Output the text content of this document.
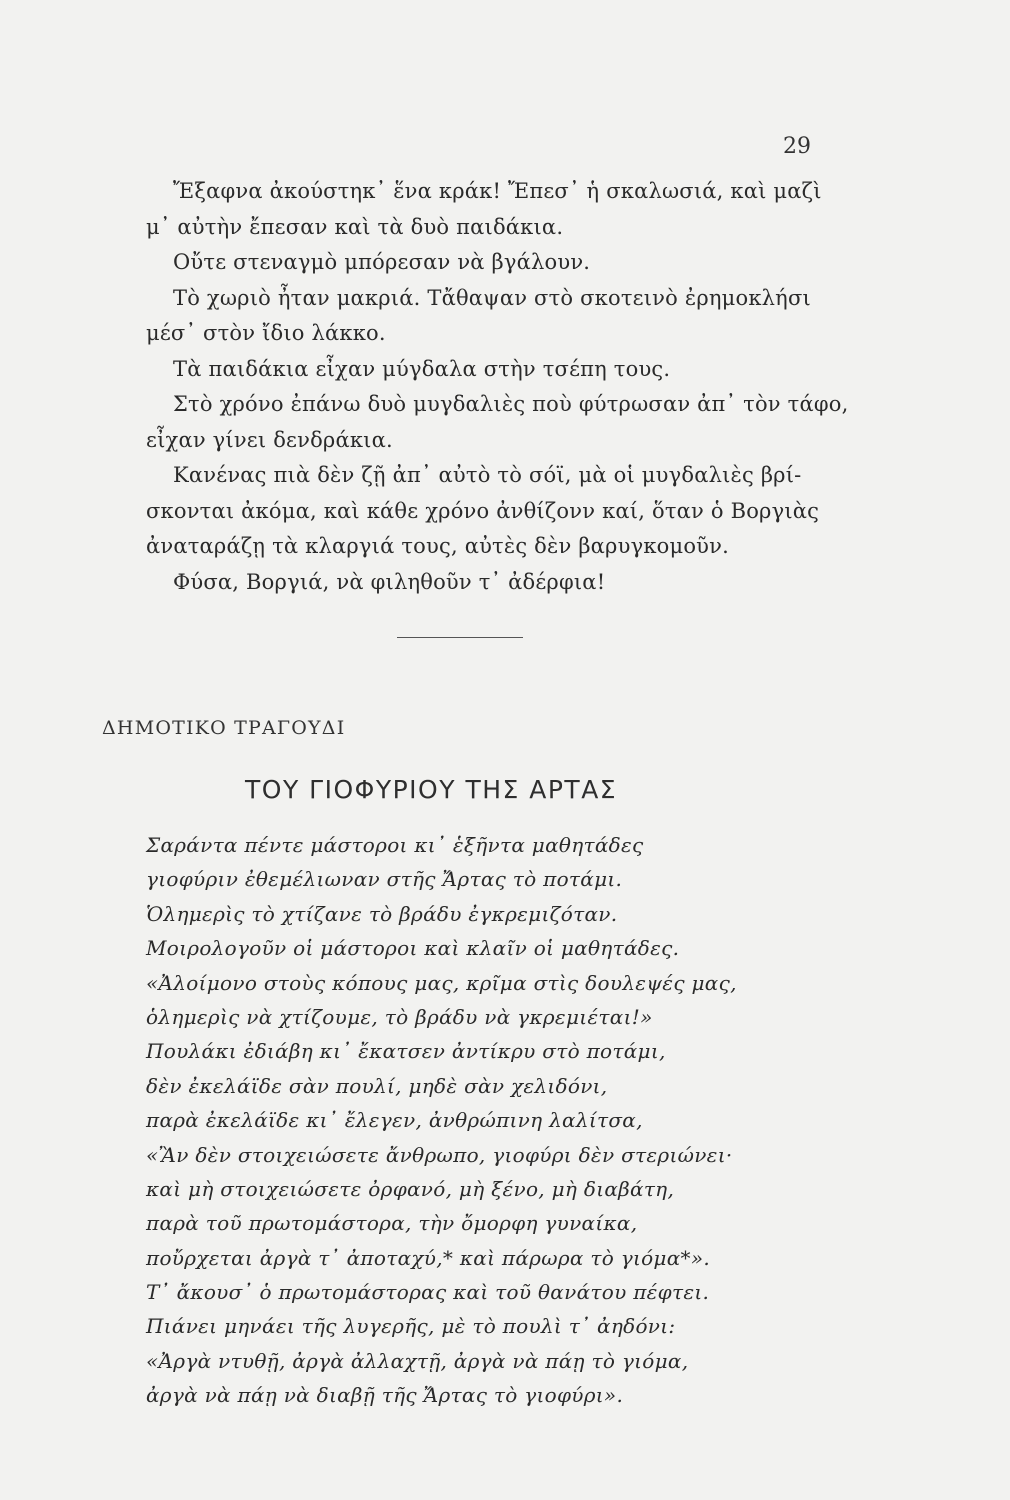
29
Ἔξαφνα ἀκούστηκ᾽ ἕνα κράκ! Ἔπεσ᾽ ἡ σκαλωσιά, καὶ μαζὶ
μ᾽ αὐτὴν ἔπεσαν καὶ τὰ δυὸ παιδάκια.
Οὔτε στεναγμὸ μπόρεσαν νὰ βγάλουν.
Τὸ χωριὸ ἦταν μακριά. Τἄθαψαν στὸ σκοτεινὸ ἐρημοκλήσι
μέσ᾽ στὸν ἴδιο λάκκο.
Τὰ παιδάκια εἶχαν μύγδαλα στὴν τσέπη τους.
Στὸ χρόνο ἐπάνω δυὸ μυγδαλιὲς ποὺ φύτρωσαν ἀπ᾽ τὸν τάφο,
εἶχαν γίνει δενδράκια.
Κανένας πιὰ δὲν ζῇ ἀπ᾽ αὐτὸ τὸ σόϊ, μὰ οἱ μυγδαλιὲς βρί-
σκονται ἀκόμα, καὶ κάθε χρόνο ἀνθίζονν καί, ὅταν ὁ Βοργιὰς
ἀναταράζῃ τὰ κλαργιά τους, αὐτὲς δὲν βαρυγκομοῦν.
Φύσα, Βοργιά, νὰ φιληθοῦν τ᾽ ἀδέρφια!
ΔΗΜΟΤΙΚΟ ΤΡΑΓΟΥΔΙ
ΤΟΥ ΓΙΟΦΥΡΙΟΥ ΤΗΣ ΑΡΤΑΣ
Σαράντα πέντε μάστοροι κι᾽ ἑξῆντα μαθητάδες
γιοφύριν ἐθεμέλιωναν στῆς Ἄρτας τὸ ποτάμι.
Ὁλημερὶς τὸ χτίζανε τὸ βράδυ ἐγκρεμιζόταν.
Μοιρολογοῦν οἱ μάστοροι καὶ κλαῖν οἱ μαθητάδες.
«Ἀλοίμονο στοὺς κόπους μας, κρῖμα στὶς δουλεψές μας,
ὁλημερὶς νὰ χτίζουμε, τὸ βράδυ νὰ γκρεμιέται!»
Πουλάκι ἐδιάβη κι᾽ ἔκατσεν ἀντίκρυ στὸ ποτάμι,
δὲν ἐκελάϊδε σὰν πουλί, μηδὲ σὰν χελιδόνι,
παρὰ ἐκελάϊδε κι᾽ ἔλεγεν, ἀνθρώπινη λαλίτσα,
«Ἂν δὲν στοιχειώσετε ἄνθρωπο, γιοφύρι δὲν στεριώνει·
καὶ μὴ στοιχειώσετε ὀρφανό, μὴ ξένο, μὴ διαβάτη,
παρὰ τοῦ πρωτομάστορα, τὴν ὄμορφη γυναίκα,
ποὔρχεται ἀργὰ τ᾽ ἀποταχύ,* καὶ πάρωρα τὸ γιόμα*».
Τ᾽ ἄκουσ᾽ ὁ πρωτομάστορας καὶ τοῦ θανάτου πέφτει.
Πιάνει μηνάει τῆς λυγερῆς, μὲ τὸ πουλὶ τ᾽ ἀηδόνι:
«Ἀργὰ ντυθῇ, ἀργὰ ἀλλαχτῇ, ἀργὰ νὰ πάῃ τὸ γιόμα,
ἀργὰ νὰ πάῃ νὰ διαβῇ τῆς Ἄρτας τὸ γιοφύρι».
